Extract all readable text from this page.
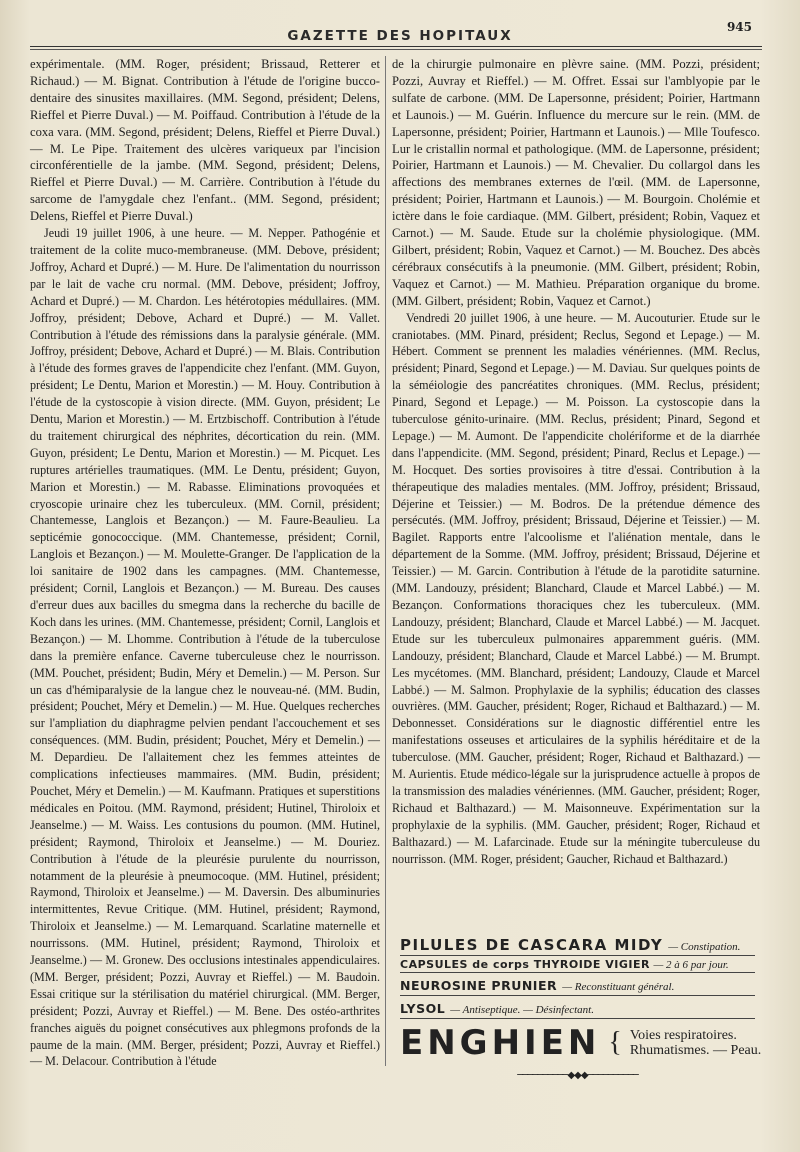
GAZETTE DES HOPITAUX
945

expérimentale. (MM. Roger, président; Brissaud, Retterer et Richaud.) — M. Bignat. Contribution à l'étude de l'origine bucco-dentaire des sinusites maxillaires. (MM. Segond, président; Delens, Rieffel et Pierre Duval.) — M. Poiffaud. Contribution à l'étude de la coxa vara. (MM. Segond, président; Delens, Rieffel et Pierre Duval.) — M. Le Pipe. Traitement des ulcères variqueux par l'incision circonférentielle de la jambe. (MM. Segond, président; Delens, Rieffel et Pierre Duval.) — M. Carrière. Contribution à l'étude du sarcome de l'amygdale chez l'enfant.. (MM. Segond, président; Delens, Rieffel et Pierre Duval.)

Jeudi 19 juillet 1906, à une heure. — M. Nepper. Pathogénie et traitement de la colite muco-membraneuse. (MM. Debove, président; Joffroy, Achard et Dupré.) — M. Hure. De l'alimentation du nourrisson par le lait de vache cru normal. (MM. Debove, président; Joffroy, Achard et Dupré.) — M. Chardon. Les hétérotopies médullaires. (MM. Joffroy, président; Debove, Achard et Dupré.) — M. Vallet. Contribution à l'étude des rémissions dans la paralysie générale. (MM. Joffroy, président; Debove, Achard et Dupré.) — M. Blais. Contribution à l'étude des formes graves de l'appendicite chez l'enfant. (MM. Guyon, président; Le Dentu, Marion et Morestin.) — M. Houy. Contribution à l'étude de la cystoscopie à vision directe. (MM. Guyon, président; Le Dentu, Marion et Morestin.) — M. Ertzbischoff. Contribution à l'étude du traitement chirurgical des néphrites, décortication du rein. (MM. Guyon, président; Le Dentu, Marion et Morestin.) — M. Picquet. Les ruptures artérielles traumatiques. (MM. Le Dentu, président; Guyon, Marion et Morestin.) — M. Rabasse. Eliminations provoquées et cryoscopie urinaire chez les tuberculeux. (MM. Cornil, président; Chantemesse, Langlois et Bezançon.) — M. Faure-Beaulieu. La septicémie gonococcique. (MM. Chantemesse, président; Cornil, Langlois et Bezançon.) — M. Moulette-Granger. De l'application de la loi sanitaire de 1902 dans les campagnes. (MM. Chantemesse, président; Cornil, Langlois et Bezançon.) — M. Bureau. Des causes d'erreur dues aux bacilles du smegma dans la recherche du bacille de Koch dans les urines. (MM. Chantemesse, président; Cornil, Langlois et Bezançon.) — M. Lhomme. Contribution à l'étude de la tuberculose dans la première enfance. Caverne tuberculeuse chez le nourrisson. (MM. Pouchet, président; Budin, Méry et Demelin.) — M. Person. Sur un cas d'hémiparalysie de la langue chez le nouveau-né. (MM. Budin, président; Pouchet, Méry et Demelin.) — M. Hue. Quelques recherches sur l'ampliation du diaphragme pelvien pendant l'accouchement et ses conséquences. (MM. Budin, président; Pouchet, Méry et Demelin.) — M. Depardieu. De l'allaitement chez les femmes atteintes de complications infectieuses mammaires. (MM. Budin, président; Pouchet, Méry et Demelin.) — M. Kaufmann. Pratiques et superstitions médicales en Poitou. (MM. Raymond, président; Hutinel, Thiroloix et Jeanselme.) — M. Waiss. Les contusions du poumon. (MM. Hutinel, président; Raymond, Thiroloix et Jeanselme.) — M. Douriez. Contribution à l'étude de la pleurésie purulente du nourrisson, notamment de la pleurésie à pneumocoque. (MM. Hutinel, président; Raymond, Thiroloix et Jeanselme.) — M. Daversin. Des albuminuries intermittentes, Revue Critique. (MM. Hutinel, président; Raymond, Thiroloix et Jeanselme.) — M. Lemarquand. Scarlatine maternelle et nourrissons. (MM. Hutinel, président; Raymond, Thiroloix et Jeanselme.) — M. Gronew. Des occlusions intestinales appendiculaires. (MM. Berger, président; Pozzi, Auvray et Rieffel.) — M. Baudoin. Essai critique sur la stérilisation du matériel chirurgical. (MM. Berger, président; Pozzi, Auvray et Rieffel.) — M. Bene. Des ostéo-arthrites franches aiguës du poignet consécutives aux phlegmons profonds de la paume de la main. (MM. Berger, président; Pozzi, Auvray et Rieffel.) — M. Delacour. Contribution à l'étude

de la chirurgie pulmonaire en plèvre saine. (MM. Pozzi, président; Pozzi, Auvray et Rieffel.) — M. Offret. Essai sur l'amblyopie par le sulfate de carbone. (MM. De Lapersonne, président; Poirier, Hartmann et Launois.) — M. Guérin. Influence du mercure sur le rein. (MM. de Lapersonne, président; Poirier, Hartmann et Launois.) — Mlle Toufesco. Lur le cristallin normal et pathologique. (MM. de Lapersonne, président; Poirier, Hartmann et Launois.) — M. Chevalier. Du collargol dans les affections des membranes externes de l'œil. (MM. de Lapersonne, président; Poirier, Hartmann et Launois.) — M. Bourgoin. Cholémie et ictère dans le foie cardiaque. (MM. Gilbert, président; Robin, Vaquez et Carnot.) — M. Saude. Etude sur la cholémie physiologique. (MM. Gilbert, président; Robin, Vaquez et Carnot.) — M. Bouchez. Des abcès cérébraux consécutifs à la pneumonie. (MM. Gilbert, président; Robin, Vaquez et Carnot.) — M. Mathieu. Préparation organique du brome. (MM. Gilbert, président; Robin, Vaquez et Carnot.)

Vendredi 20 juillet 1906, à une heure. — M. Aucouturier. Etude sur le craniotabes. (MM. Pinard, président; Reclus, Segond et Lepage.) — M. Hébert. Comment se prennent les maladies vénériennes. (MM. Reclus, président; Pinard, Segond et Lepage.) — M. Daviau. Sur quelques points de la séméiologie des pancréatites chroniques. (MM. Reclus, président; Pinard, Segond et Lepage.) — M. Poisson. La cystoscopie dans la tuberculose génito-urinaire. (MM. Reclus, président; Pinard, Segond et Lepage.) — M. Aumont. De l'appendicite cholériforme et de la diarrhée dans l'appendicite. (MM. Segond, président; Pinard, Reclus et Lepage.) — M. Hocquet. Des sorties provisoires à titre d'essai. Contribution à la thérapeutique des maladies mentales. (MM. Joffroy, président; Brissaud, Déjerine et Teissier.) — M. Bodros. De la prétendue démence des persécutés. (MM. Joffroy, président; Brissaud, Déjerine et Teissier.) — M. Bagilet. Rapports entre l'alcoolisme et l'aliénation mentale, dans le département de la Somme. (MM. Joffroy, président; Brissaud, Déjerine et Teissier.) — M. Garcin. Contribution à l'étude de la parotidite saturnine. (MM. Landouzy, président; Blanchard, Claude et Marcel Labbé.) — M. Bezançon. Conformations thoraciques chez les tuberculeux. (MM. Landouzy, président; Blanchard, Claude et Marcel Labbé.) — M. Jacquet. Etude sur les tuberculeux pulmonaires apparemment guéris. (MM. Landouzy, président; Blanchard, Claude et Marcel Labbé.) — M. Brumpt. Les mycétomes. (MM. Blanchard, président; Landouzy, Claude et Marcel Labbé.) — M. Salmon. Prophylaxie de la syphilis; éducation des classes ouvrières. (MM. Gaucher, président; Roger, Richaud et Balthazard.) — M. Debonnesset. Considérations sur le diagnostic différentiel entre les manifestations osseuses et articulaires de la syphilis héréditaire et de la tuberculose. (MM. Gaucher, président; Roger, Richaud et Balthazard.) — M. Aurientis. Etude médico-légale sur la jurisprudence actuelle à propos de la transmission des maladies vénériennes. (MM. Gaucher, président; Roger, Richaud et Balthazard.) — M. Maisonneuve. Expérimentation sur la prophylaxie de la syphilis. (MM. Gaucher, président; Roger, Richaud et Balthazard.) — M. Lafarcinade. Etude sur la méningite tuberculeuse du nourrisson. (MM. Roger, président; Gaucher, Richaud et Balthazard.)

PILULES DE CASCARA MIDY — Constipation.
CAPSULES de corps THYROIDE VIGIER — 2 à 6 par jour.
NEUROSINE PRUNIER — Reconstituant général.
LYSOL — Antiseptique. — Désinfectant.
ENGHIEN { Voies respiratoires.
Rhumatismes. — Peau.
──────────◆◆◆──────────
